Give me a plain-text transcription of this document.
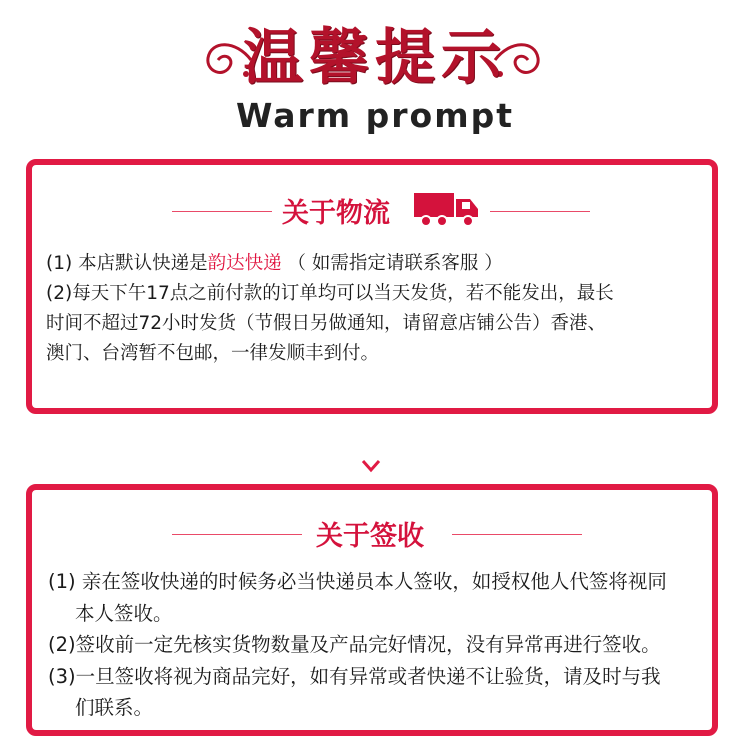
温馨提示
Warm prompt
关于物流
(1) 本店默认快递是韵达快递 （ 如需指定请联系客服 ）
(2)每天下午17点之前付款的订单均可以当天发货，若不能发出，最长
时间不超过72小时发货（节假日另做通知，请留意店铺公告）香港、
澳门、台湾暂不包邮，一律发顺丰到付。
关于签收
(1) 亲在签收快递的时候务必当快递员本人签收，如授权他人代签将视同
本人签收。
(2)签收前一定先核实货物数量及产品完好情况，没有异常再进行签收。
(3)一旦签收将视为商品完好，如有异常或者快递不让验货，请及时与我
们联系。
